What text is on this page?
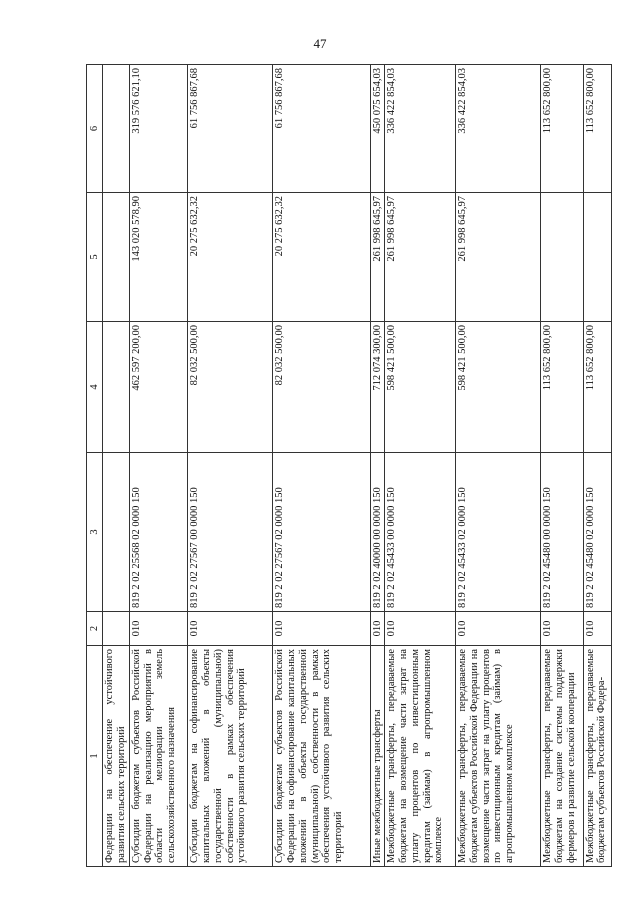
47
1	2	3	4	5	6
Федерации на обеспечение устойчивого развития сельских территорий					
Субсидии бюджетам субъектов Российской Федерации на реализацию мероприятий в области мелиорации земель сельскохозяйственного назначения	010	819 2 02 25568 02 0000 150	462 597 200,00	143 020 578,90	319 576 621,10
Субсидии бюджетам на софинансирование капитальных вложений в объекты государственной (муниципальной) собственности в рамках обеспечения устойчивого развития сельских территорий	010	819 2 02 27567 00 0000 150	82 032 500,00	20 275 632,32	61 756 867,68
Субсидии бюджетам субъектов Российской Федерации на софинансирование капитальных вложений в объекты государственной (муниципальной) собственности в рамках обеспечения устойчивого развития сельских территорий	010	819 2 02 27567 02 0000 150	82 032 500,00	20 275 632,32	61 756 867,68
Иные межбюджетные трансферты	010	819 2 02 40000 00 0000 150	712 074 300,00	261 998 645,97	450 075 654,03
Межбюджетные трансферты, передаваемые бюджетам на возмещение части затрат на уплату процентов по инвестиционным кредитам (займам) в агропромышленном комплексе	010	819 2 02 45433 00 0000 150	598 421 500,00	261 998 645,97	336 422 854,03
Межбюджетные трансферты, передаваемые бюджетам субъектов Российской Федерации на возмещение части затрат на уплату процентов по инвестиционным кредитам (займам) в агропромышленном комплексе	010	819 2 02 45433 02 0000 150	598 421 500,00	261 998 645,97	336 422 854,03
Межбюджетные трансферты, передаваемые бюджетам на создание системы поддержки фермеров и развитие сельской кооперации	010	819 2 02 45480 00 0000 150	113 652 800,00		113 652 800,00
Межбюджетные трансферты, передаваемые бюджетам субъектов Российской Федера-	010	819 2 02 45480 02 0000 150	113 652 800,00		113 652 800,00
